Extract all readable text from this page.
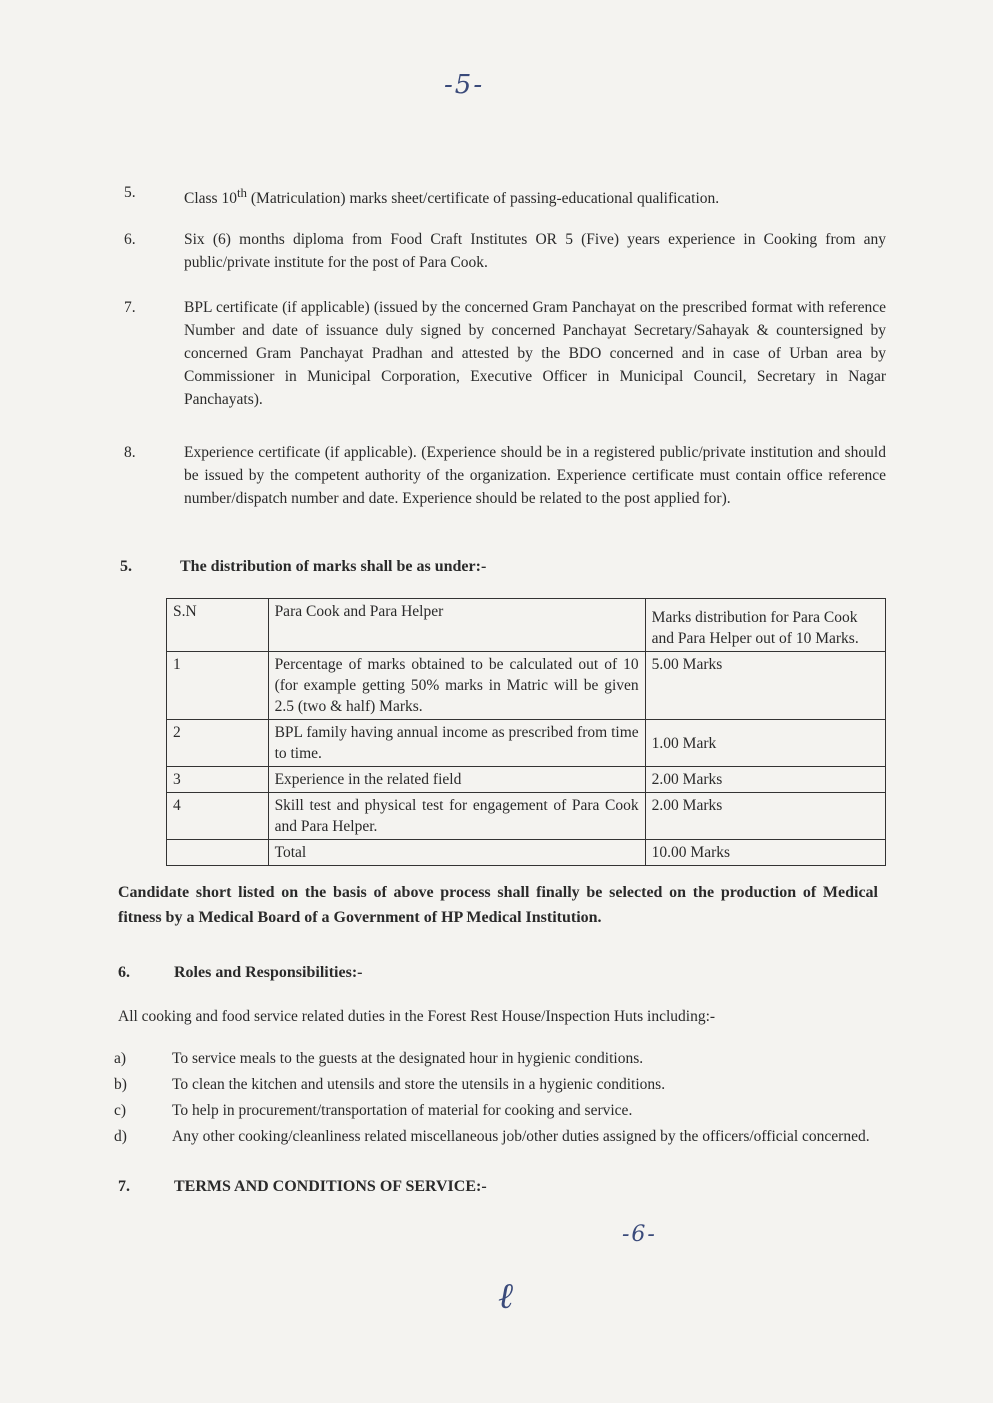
-5-
5.	Class 10th (Matriculation) marks sheet/certificate of passing-educational qualification.
6.	Six (6) months diploma from Food Craft Institutes OR 5 (Five) years experience in Cooking from any public/private institute for the post of Para Cook.
7.	BPL certificate (if applicable) (issued by the concerned Gram Panchayat on the prescribed format with reference Number and date of issuance duly signed by concerned Panchayat Secretary/Sahayak & countersigned by concerned Gram Panchayat Pradhan and attested by the BDO concerned and in case of Urban area by Commissioner in Municipal Corporation, Executive Officer in Municipal Council, Secretary in Nagar Panchayats).
8.	Experience certificate (if applicable). (Experience should be in a registered public/private institution and should be issued by the competent authority of the organization. Experience certificate must contain office reference number/dispatch number and date. Experience should be related to the post applied for).
5.	The distribution of marks shall be as under:-
S.N	Para Cook and Para Helper	Marks distribution for Para Cook and Para Helper out of 10 Marks.
1	Percentage of marks obtained to be calculated out of 10 (for example getting 50% marks in Matric will be given 2.5 (two & half) Marks.	5.00 Marks
2	BPL family having annual income as prescribed from time to time.	1.00 Mark
3	Experience in the related field	2.00 Marks
4	Skill test and physical test for engagement of Para Cook and Para Helper.	2.00 Marks
	Total	10.00 Marks
Candidate short listed on the basis of above process shall finally be selected on the production of Medical fitness by a Medical Board of a Government of HP Medical Institution.
6.	Roles and Responsibilities:-
All cooking and food service related duties in the Forest Rest House/Inspection Huts including:-
a)	To service meals to the guests at the designated hour in hygienic conditions.
b)	To clean the kitchen and utensils and store the utensils in a hygienic conditions.
c)	To help in procurement/transportation of material for cooking and service.
d)	Any other cooking/cleanliness related miscellaneous job/other duties assigned by the officers/official concerned.
7.	TERMS AND CONDITIONS OF SERVICE:-
-6-
ℓ
